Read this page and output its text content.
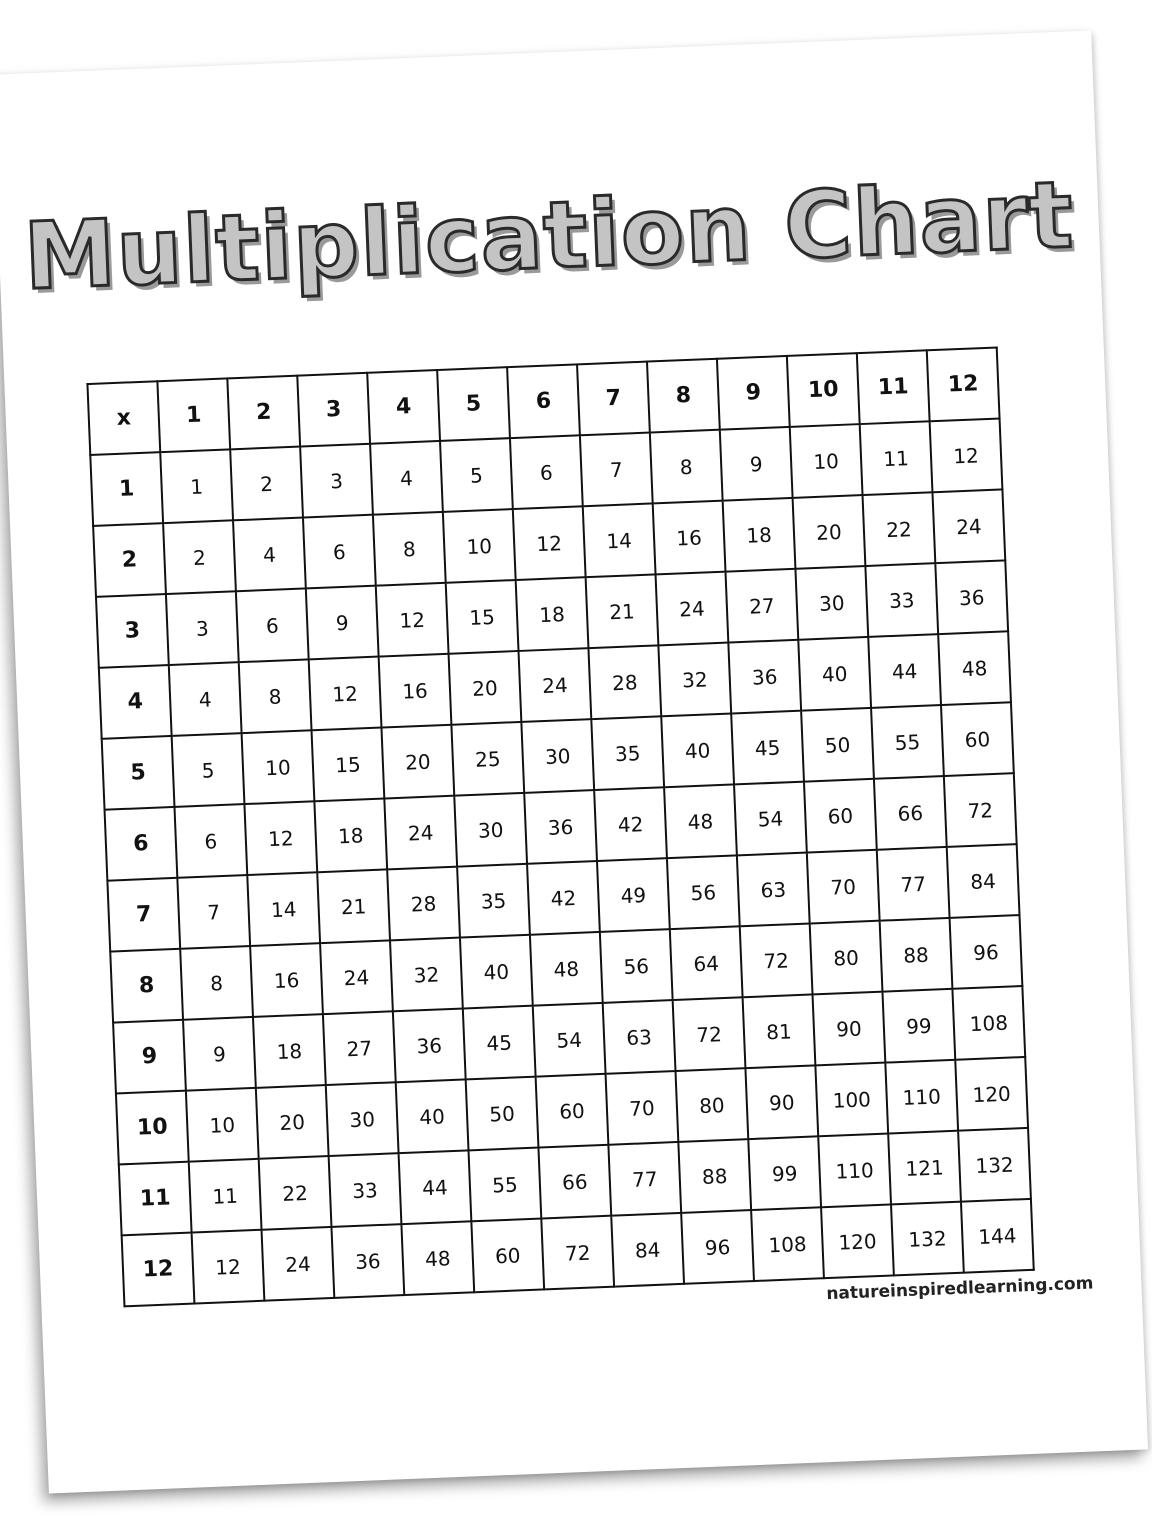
Multiplication Chart
x	1	2	3	4	5	6	7	8	9	10	11	12
1	1	2	3	4	5	6	7	8	9	10	11	12
2	2	4	6	8	10	12	14	16	18	20	22	24
3	3	6	9	12	15	18	21	24	27	30	33	36
4	4	8	12	16	20	24	28	32	36	40	44	48
5	5	10	15	20	25	30	35	40	45	50	55	60
6	6	12	18	24	30	36	42	48	54	60	66	72
7	7	14	21	28	35	42	49	56	63	70	77	84
8	8	16	24	32	40	48	56	64	72	80	88	96
9	9	18	27	36	45	54	63	72	81	90	99	108
10	10	20	30	40	50	60	70	80	90	100	110	120
11	11	22	33	44	55	66	77	88	99	110	121	132
12	12	24	36	48	60	72	84	96	108	120	132	144
natureinspiredlearning.com
